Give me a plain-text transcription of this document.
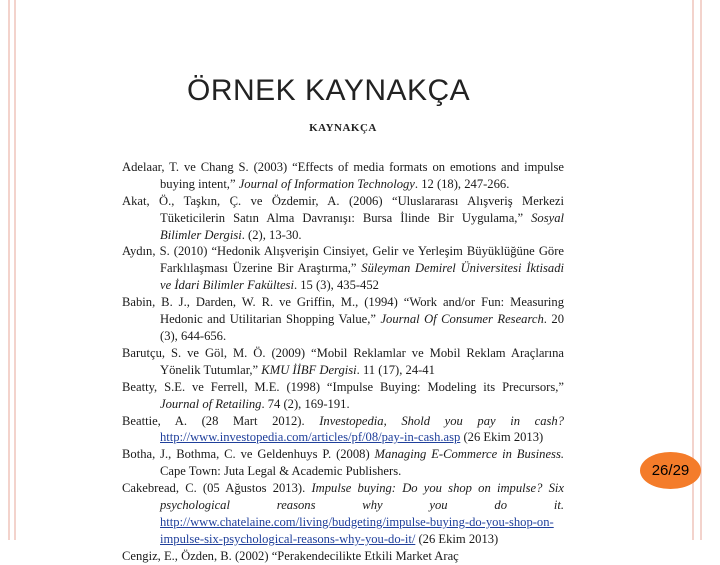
ÖRNEK KAYNAKÇA
KAYNAKÇA

Adelaar, T. ve Chang S. (2003) “Effects of media formats on emotions and impulse buying intent,” Journal of Information Technology. 12 (18), 247-266.

Akat, Ö., Taşkın, Ç. ve Özdemir, A. (2006) “Uluslararası Alışveriş Merkezi Tüketicilerin Satın Alma Davranışı: Bursa İlinde Bir Uygulama,” Sosyal Bilimler Dergisi. (2), 13-30.

Aydın, S. (2010) “Hedonik Alışverişin Cinsiyet, Gelir ve Yerleşim Büyüklüğüne Göre Farklılaşması Üzerine Bir Araştırma,” Süleyman Demirel Üniversitesi İktisadi ve İdari Bilimler Fakültesi. 15 (3), 435-452

Babin, B. J., Darden, W. R. ve Griffin, M., (1994) “Work and/or Fun: Measuring Hedonic and Utilitarian Shopping Value,” Journal Of Consumer Research. 20 (3), 644-656.

Barutçu, S. ve Göl, M. Ö. (2009) “Mobil Reklamlar ve Mobil Reklam Araçlarına Yönelik Tutumlar,” KMU İİBF Dergisi. 11 (17), 24-41

Beatty, S.E. ve Ferrell, M.E. (1998) “Impulse Buying: Modeling its Precursors,” Journal of Retailing. 74 (2), 169-191.

Beattie, A. (28 Mart 2012). Investopedia, Shold you pay in cash? http://www.investopedia.com/articles/pf/08/pay-in-cash.asp (26 Ekim 2013)

Botha, J., Bothma, C. ve Geldenhuys P. (2008) Managing E-Commerce in Business. Cape Town: Juta Legal & Academic Publishers.

Cakebread, C. (05 Ağustos 2013). Impulse buying: Do you shop on impulse? Six psychological reasons why you do it. http://www.chatelaine.com/living/budgeting/impulse-buying-do-you-shop-on-impulse-six-psychological-reasons-why-you-do-it/ (26 Ekim 2013)

Cengiz, E., Özden, B. (2002) “Perakendecilikte Etkili Market Araç

26/29
